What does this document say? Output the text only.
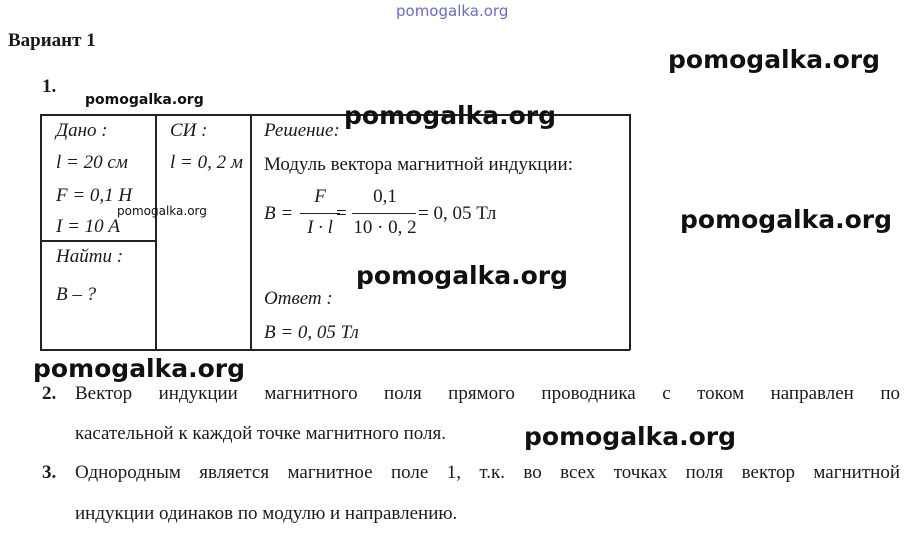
pomogalka.org
Вариант 1
1.
Дано :
l = 20 см
F = 0,1 Н
I = 10 А
Найти :
B – ?
СИ :
l = 0, 2 м
Решение:
Модуль вектора магнитной индукции:
B =
F
I · l
=
0,1
10 · 0, 2
= 0, 05 Тл
Ответ :
B = 0, 05 Тл
2. Вектор индукции магнитного поля прямого проводника с током направлен по
касательной к каждой точке магнитного поля.
3. Однородным является магнитное поле 1, т.к. во всех точках поля вектор магнитной
индукции одинаков по модулю и направлению.
pomogalka.org
pomogalka.org
pomogalka.org
pomogalka.org	pomogalka.org
pomogalka.org
pomogalka.org
pomogalka.org
